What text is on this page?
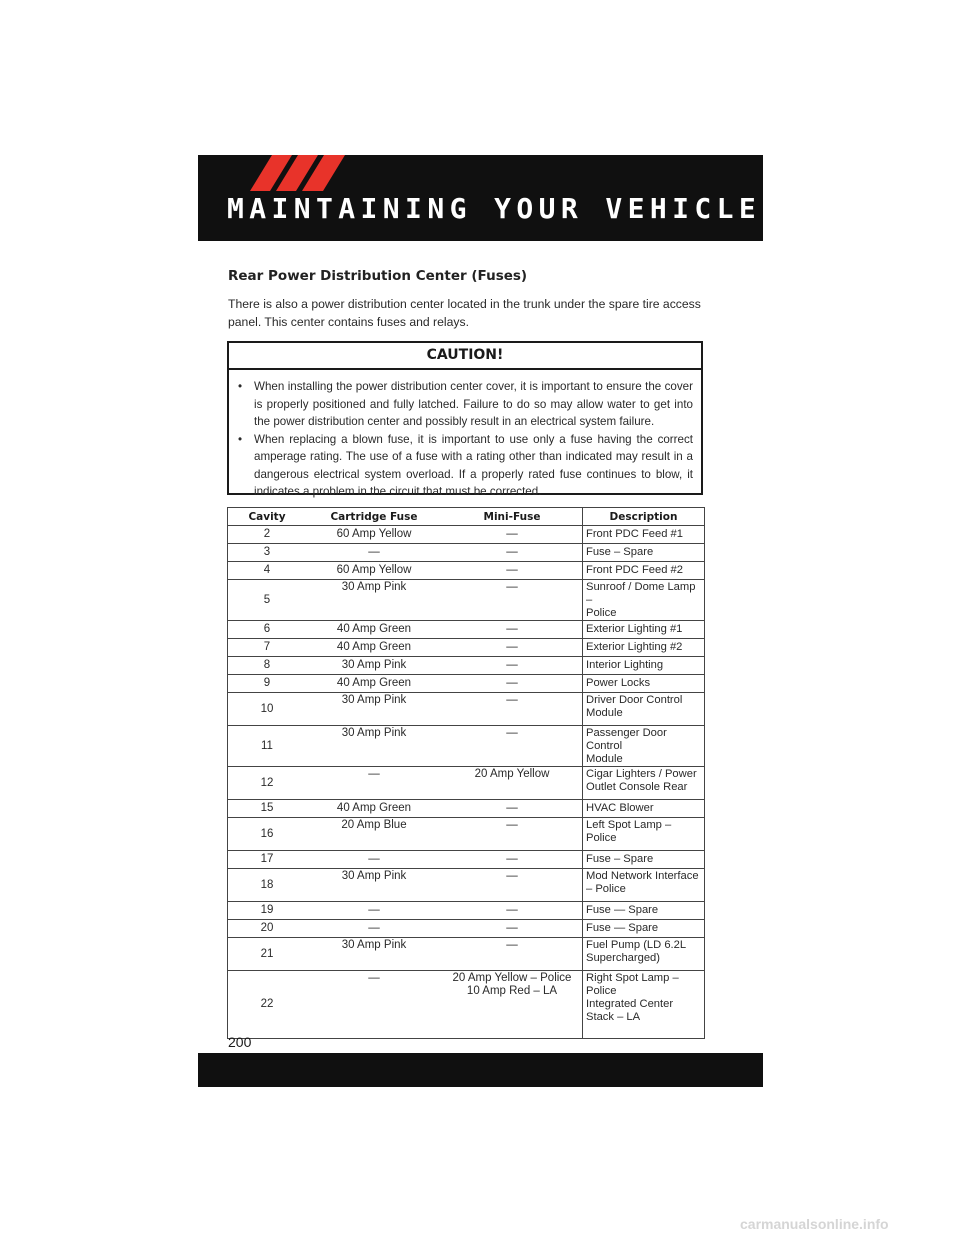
MAINTAINING YOUR VEHICLE
Rear Power Distribution Center (Fuses)

There is also a power distribution center located in the trunk under the spare tire access panel. This center contains fuses and relays.

CAUTION!
• When installing the power distribution center cover, it is important to ensure the cover is properly positioned and fully latched. Failure to do so may allow water to get into the power distribution center and possibly result in an electrical system failure.
• When replacing a blown fuse, it is important to use only a fuse having the correct amperage rating. The use of a fuse with a rating other than indicated may result in a dangerous electrical system overload. If a properly rated fuse continues to blow, it indicates a problem in the circuit that must be corrected.
Cavity	Cartridge Fuse	Mini-Fuse	Description
2	60 Amp Yellow	—	Front PDC Feed #1
3	—	—	Fuse – Spare
4	60 Amp Yellow	—	Front PDC Feed #2
5	30 Amp Pink	—	Sunroof / Dome Lamp –
Police
6	40 Amp Green	—	Exterior Lighting #1
7	40 Amp Green	—	Exterior Lighting #2
8	30 Amp Pink	—	Interior Lighting
9	40 Amp Green	—	Power Locks
10	30 Amp Pink	—	Driver Door Control
Module
11	30 Amp Pink	—	Passenger Door Control
Module
12	—	20 Amp Yellow	Cigar Lighters / Power
Outlet Console Rear
15	40 Amp Green	—	HVAC Blower
16	20 Amp Blue	—	Left Spot Lamp –
Police
17	—	—	Fuse – Spare
18	30 Amp Pink	—	Mod Network Interface
– Police
19	—	—	Fuse — Spare
20	—	—	Fuse — Spare
21	30 Amp Pink	—	Fuel Pump (LD 6.2L
Supercharged)
22	—	20 Amp Yellow – Police
10 Amp Red – LA	Right Spot Lamp –
Police
Integrated Center
Stack – LA

200

carmanualsonline.info
